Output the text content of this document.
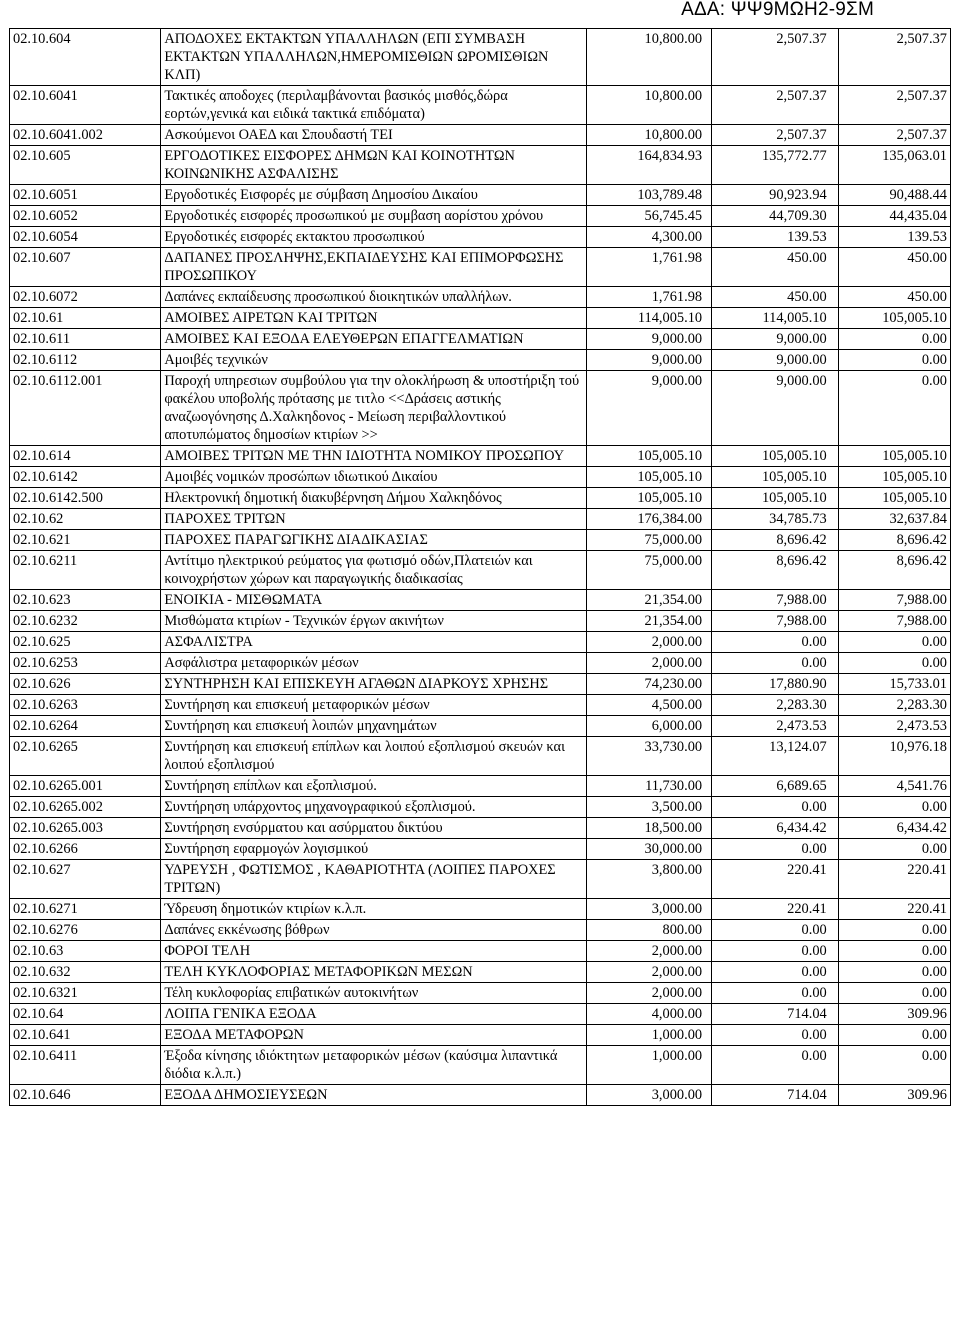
ΑΔΑ: ΨΨ9ΜΩΗ2-9ΣΜ
02.10.604	ΑΠΟΔΟΧΕΣ ΕΚΤΑΚΤΩΝ ΥΠΑΛΛΗΛΩΝ (ΕΠΙ ΣΥΜΒΑΣΗ ΕΚΤΑΚΤΩΝ ΥΠΑΛΛΗΛΩΝ,ΗΜΕΡΟΜΙΣΘΙΩΝ ΩΡΟΜΙΣΘΙΩΝ ΚΛΠ)	10,800.00	2,507.37	2,507.37
02.10.6041	Τακτικές αποδοχες (περιλαμβάνονται βασικός μισθός,δώρα εορτών,γενικά και ειδικά τακτικά επιδόματα)	10,800.00	2,507.37	2,507.37
02.10.6041.002	Ασκούμενοι ΟΑΕΔ και Σπουδαστή ΤΕΙ	10,800.00	2,507.37	2,507.37
02.10.605	ΕΡΓΟΔΟΤΙΚΕΣ ΕΙΣΦΟΡΕΣ ΔΗΜΩΝ ΚΑΙ ΚΟΙΝΟΤΗΤΩΝ ΚΟΙΝΩΝΙΚΗΣ ΑΣΦΑΛΙΣΗΣ	164,834.93	135,772.77	135,063.01
02.10.6051	Εργοδοτικές Εισφορές με σύμβαση Δημοσίου Δικαίου	103,789.48	90,923.94	90,488.44
02.10.6052	Εργοδοτικές εισφορές προσωπικού με συμβαση αορίστου χρόνου	56,745.45	44,709.30	44,435.04
02.10.6054	Εργοδοτικές εισφορές εκτακτου προσωπικού	4,300.00	139.53	139.53
02.10.607	ΔΑΠΑΝΕΣ ΠΡΟΣΛΗΨΗΣ,ΕΚΠΑΙΔΕΥΣΗΣ ΚΑΙ ΕΠΙΜΟΡΦΩΣΗΣ ΠΡΟΣΩΠΙΚΟΥ	1,761.98	450.00	450.00
02.10.6072	Δαπάνες εκπαίδευσης προσωπικού διοικητικών υπαλλήλων.	1,761.98	450.00	450.00
02.10.61	ΑΜΟΙΒΕΣ ΑΙΡΕΤΩΝ ΚΑΙ ΤΡΙΤΩΝ	114,005.10	114,005.10	105,005.10
02.10.611	ΑΜΟΙΒΕΣ ΚΑΙ ΕΞΟΔΑ ΕΛΕΥΘΕΡΩΝ ΕΠΑΓΓΕΛΜΑΤΙΩΝ	9,000.00	9,000.00	0.00
02.10.6112	Αμοιβές τεχνικών	9,000.00	9,000.00	0.00
02.10.6112.001	Παροχή υπηρεσιων συμβούλου για την ολοκλήρωση & υποστήριξη τού φακέλου υποβολής πρότασης με τιτλο <<Δράσεις αστικής αναζωογόνησης Δ.Χαλκηδονος - Μείωση περιβαλλοντικού αποτυπώματος δημοσίων κτιρίων >>	9,000.00	9,000.00	0.00
02.10.614	ΑΜΟΙΒΕΣ ΤΡΙΤΩΝ ΜΕ ΤΗΝ ΙΔΙΟΤΗΤΑ ΝΟΜΙΚΟΥ ΠΡΟΣΩΠΟΥ	105,005.10	105,005.10	105,005.10
02.10.6142	Αμοιβές νομικών προσώπων ιδιωτικού Δικαίου	105,005.10	105,005.10	105,005.10
02.10.6142.500	Ηλεκτρονική δημοτική διακυβέρνηση Δήμου Χαλκηδόνος	105,005.10	105,005.10	105,005.10
02.10.62	ΠΑΡΟΧΕΣ ΤΡΙΤΩΝ	176,384.00	34,785.73	32,637.84
02.10.621	ΠΑΡΟΧΕΣ ΠΑΡΑΓΩΓΙΚΗΣ ΔΙΑΔΙΚΑΣΙΑΣ	75,000.00	8,696.42	8,696.42
02.10.6211	Αντίτιμο ηλεκτρικού ρεύματος για φωτισμό οδών,Πλατειών και κοινοχρήστων χώρων και παραγωγικής διαδικασίας	75,000.00	8,696.42	8,696.42
02.10.623	ΕΝΟΙΚΙΑ - ΜΙΣΘΩΜΑΤΑ	21,354.00	7,988.00	7,988.00
02.10.6232	Μισθώματα κτιρίων - Τεχνικών έργων ακινήτων	21,354.00	7,988.00	7,988.00
02.10.625	ΑΣΦΑΛΙΣΤΡΑ	2,000.00	0.00	0.00
02.10.6253	Ασφάλιστρα μεταφορικών μέσων	2,000.00	0.00	0.00
02.10.626	ΣΥΝΤΗΡΗΣΗ ΚΑΙ ΕΠΙΣΚΕΥΗ ΑΓΑΘΩΝ ΔΙΑΡΚΟΥΣ ΧΡΗΣΗΣ	74,230.00	17,880.90	15,733.01
02.10.6263	Συντήρηση και επισκευή μεταφορικών μέσων	4,500.00	2,283.30	2,283.30
02.10.6264	Συντήρηση και επισκευή λοιπών μηχανημάτων	6,000.00	2,473.53	2,473.53
02.10.6265	Συντήρηση και επισκευή επίπλων και λοιπού εξοπλισμού σκευών και λοιπού εξοπλισμού	33,730.00	13,124.07	10,976.18
02.10.6265.001	Συντήρηση επίπλων και εξοπλισμού.	11,730.00	6,689.65	4,541.76
02.10.6265.002	Συντήρηση υπάρχοντος μηχανογραφικού εξοπλισμού.	3,500.00	0.00	0.00
02.10.6265.003	Συντήρηση ενσύρματου και ασύρματου δικτύου	18,500.00	6,434.42	6,434.42
02.10.6266	Συντήρηση εφαρμογών λογισμικού	30,000.00	0.00	0.00
02.10.627	ΥΔΡΕΥΣΗ , ΦΩΤΙΣΜΟΣ , ΚΑΘΑΡΙΟΤΗΤΑ (ΛΟΙΠΕΣ ΠΑΡΟΧΕΣ ΤΡΙΤΩΝ)	3,800.00	220.41	220.41
02.10.6271	Ύδρευση δημοτικών κτιρίων κ.λ.π.	3,000.00	220.41	220.41
02.10.6276	Δαπάνες εκκένωσης βόθρων	800.00	0.00	0.00
02.10.63	ΦΟΡΟΙ ΤΕΛΗ	2,000.00	0.00	0.00
02.10.632	ΤΕΛΗ ΚΥΚΛΟΦΟΡΙΑΣ ΜΕΤΑΦΟΡΙΚΩΝ ΜΕΣΩΝ	2,000.00	0.00	0.00
02.10.6321	Τέλη κυκλοφορίας επιβατικών αυτοκινήτων	2,000.00	0.00	0.00
02.10.64	ΛΟΙΠΑ ΓΕΝΙΚΑ ΕΞΟΔΑ	4,000.00	714.04	309.96
02.10.641	ΕΞΟΔΑ ΜΕΤΑΦΟΡΩΝ	1,000.00	0.00	0.00
02.10.6411	Έξοδα κίνησης ιδιόκτητων μεταφορικών μέσων (καύσιμα λιπαντικά διόδια κ.λ.π.)	1,000.00	0.00	0.00
02.10.646	ΕΞΟΔΑ ΔΗΜΟΣΙΕΥΣΕΩΝ	3,000.00	714.04	309.96
